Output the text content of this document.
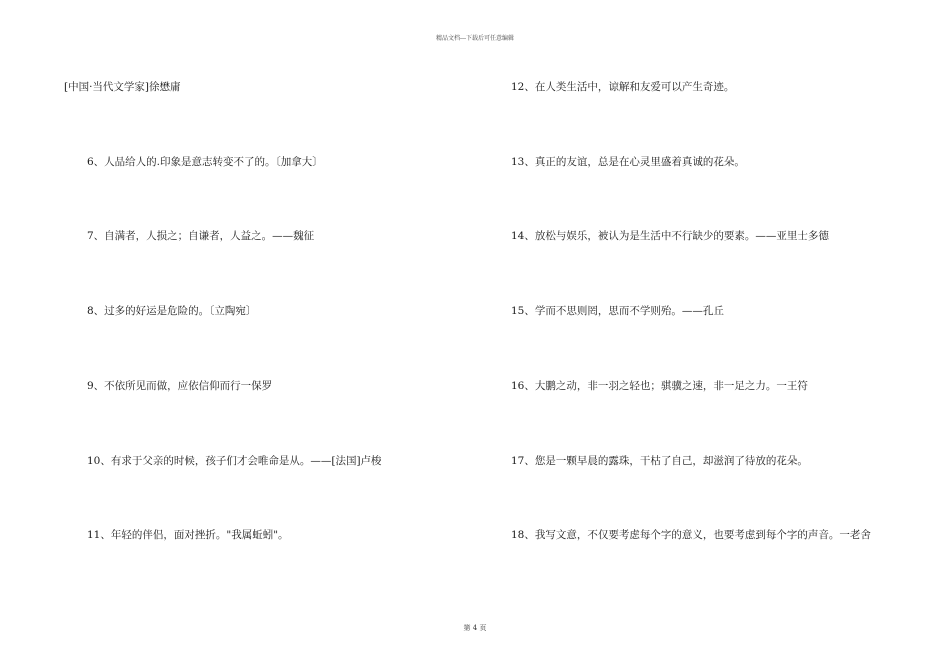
精品文档---下载后可任意编辑
[中国·当代文学家]徐懋庸
6、人品给人的.印象是意志转变不了的。〔加拿大〕
7、自满者，人损之；自谦者，人益之。——魏征
8、过多的好运是危险的。〔立陶宛〕
9、不依所见而做，应依信仰而行一保罗
10、有求于父亲的时候，孩子们才会唯命是从。——[法国]卢梭
11、年轻的伴侣，面对挫折。"我属蚯蚓"。
12、在人类生活中，谅解和友爱可以产生奇迹。
13、真正的友谊，总是在心灵里盛着真诚的花朵。
14、放松与娱乐，被认为是生活中不行缺少的要素。——亚里士多德
15、学而不思则罔，思而不学则殆。——孔丘
16、大鹏之动，非一羽之轻也；骐骥之速，非一足之力。一王符
17、您是一颗早晨的露珠，干枯了自己，却滋润了待放的花朵。
18、我写文意，不仅要考虑每个字的意义，也要考虑到每个字的声音。一老舍
第 4 页
